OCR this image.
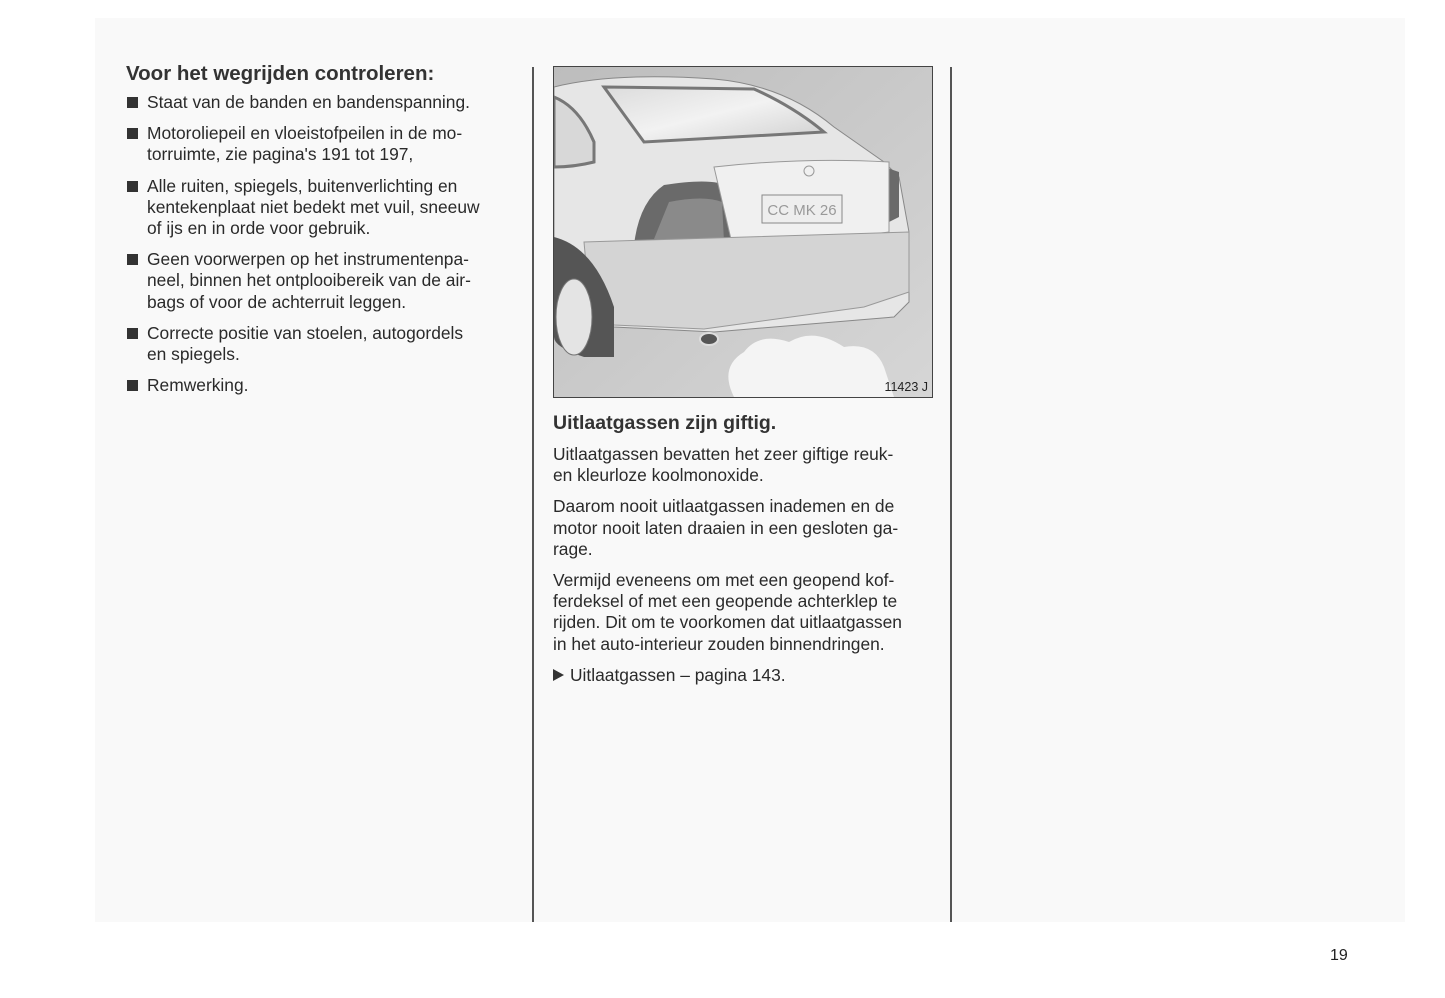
Voor het wegrijden controleren:
Staat van de banden en bandenspanning.
Motoroliepeil en vloeistofpeilen in de mo-
torruimte, zie pagina's 191 tot 197,
Alle ruiten, spiegels, buitenverlichting en
kentekenplaat niet bedekt met vuil, sneeuw
of ijs en in orde voor gebruik.
Geen voorwerpen op het instrumentenpa-
neel, binnen het ontplooibereik van de air-
bags of voor de achterruit leggen.
Correcte positie van stoelen, autogordels
en spiegels.
Remwerking.
CC MK 26
11423 J
Uitlaatgassen zijn giftig.

Uitlaatgassen bevatten het zeer giftige reuk-
en kleurloze koolmonoxide.

Daarom nooit uitlaatgassen inademen en de
motor nooit laten draaien in een gesloten ga-
rage.

Vermijd eveneens om met een geopend kof-
ferdeksel of met een geopende achterklep te
rijden. Dit om te voorkomen dat uitlaatgassen
in het auto-interieur zouden binnendringen.

Uitlaatgassen – pagina 143.

19
